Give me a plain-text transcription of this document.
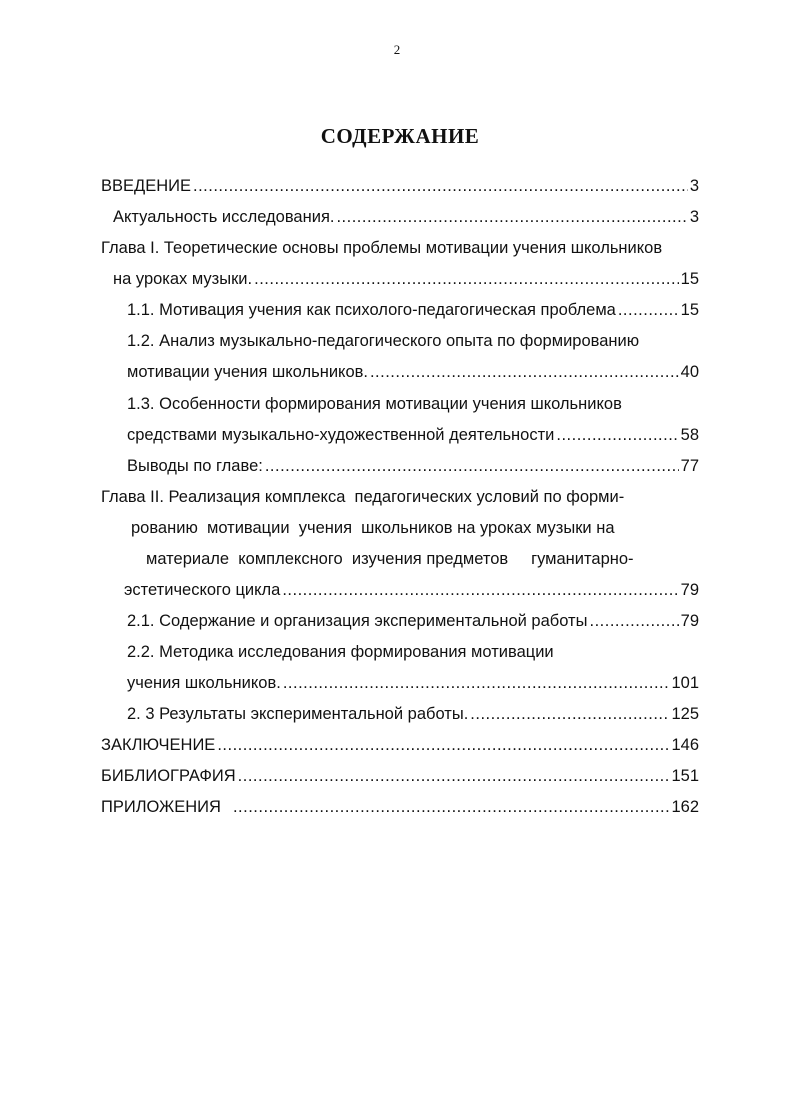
2
СОДЕРЖАНИЕ
ВВЕДЕНИЕ .....	3
Актуальность исследования. .....	3
Глава I. Теоретические основы проблемы мотивации учения школьников
на уроках музыки. .....	15
1.1. Мотивация учения как психолого-педагогическая проблема .....	15
1.2. Анализ музыкально-педагогического опыта по формированию
мотивации учения школьников. .....	40
1.3. Особенности формирования мотивации учения школьников
средствами музыкально-художественной деятельности .....	58
Выводы по главе: .....	77
Глава II. Реализация комплекса  педагогических условий по форми-
рованию  мотивации  учения  школьников на уроках музыки на
материале  комплексного  изучения предметов     гуманитарно-
эстетического цикла .....	79
2.1. Содержание и организация экспериментальной работы .....	79
2.2. Методика исследования формирования мотивации
учения школьников. .....	101
2. 3 Результаты экспериментальной работы. .....	125
ЗАКЛЮЧЕНИЕ .....	146
БИБЛИОГРАФИЯ .....	151
ПРИЛОЖЕНИЯ .....	162
